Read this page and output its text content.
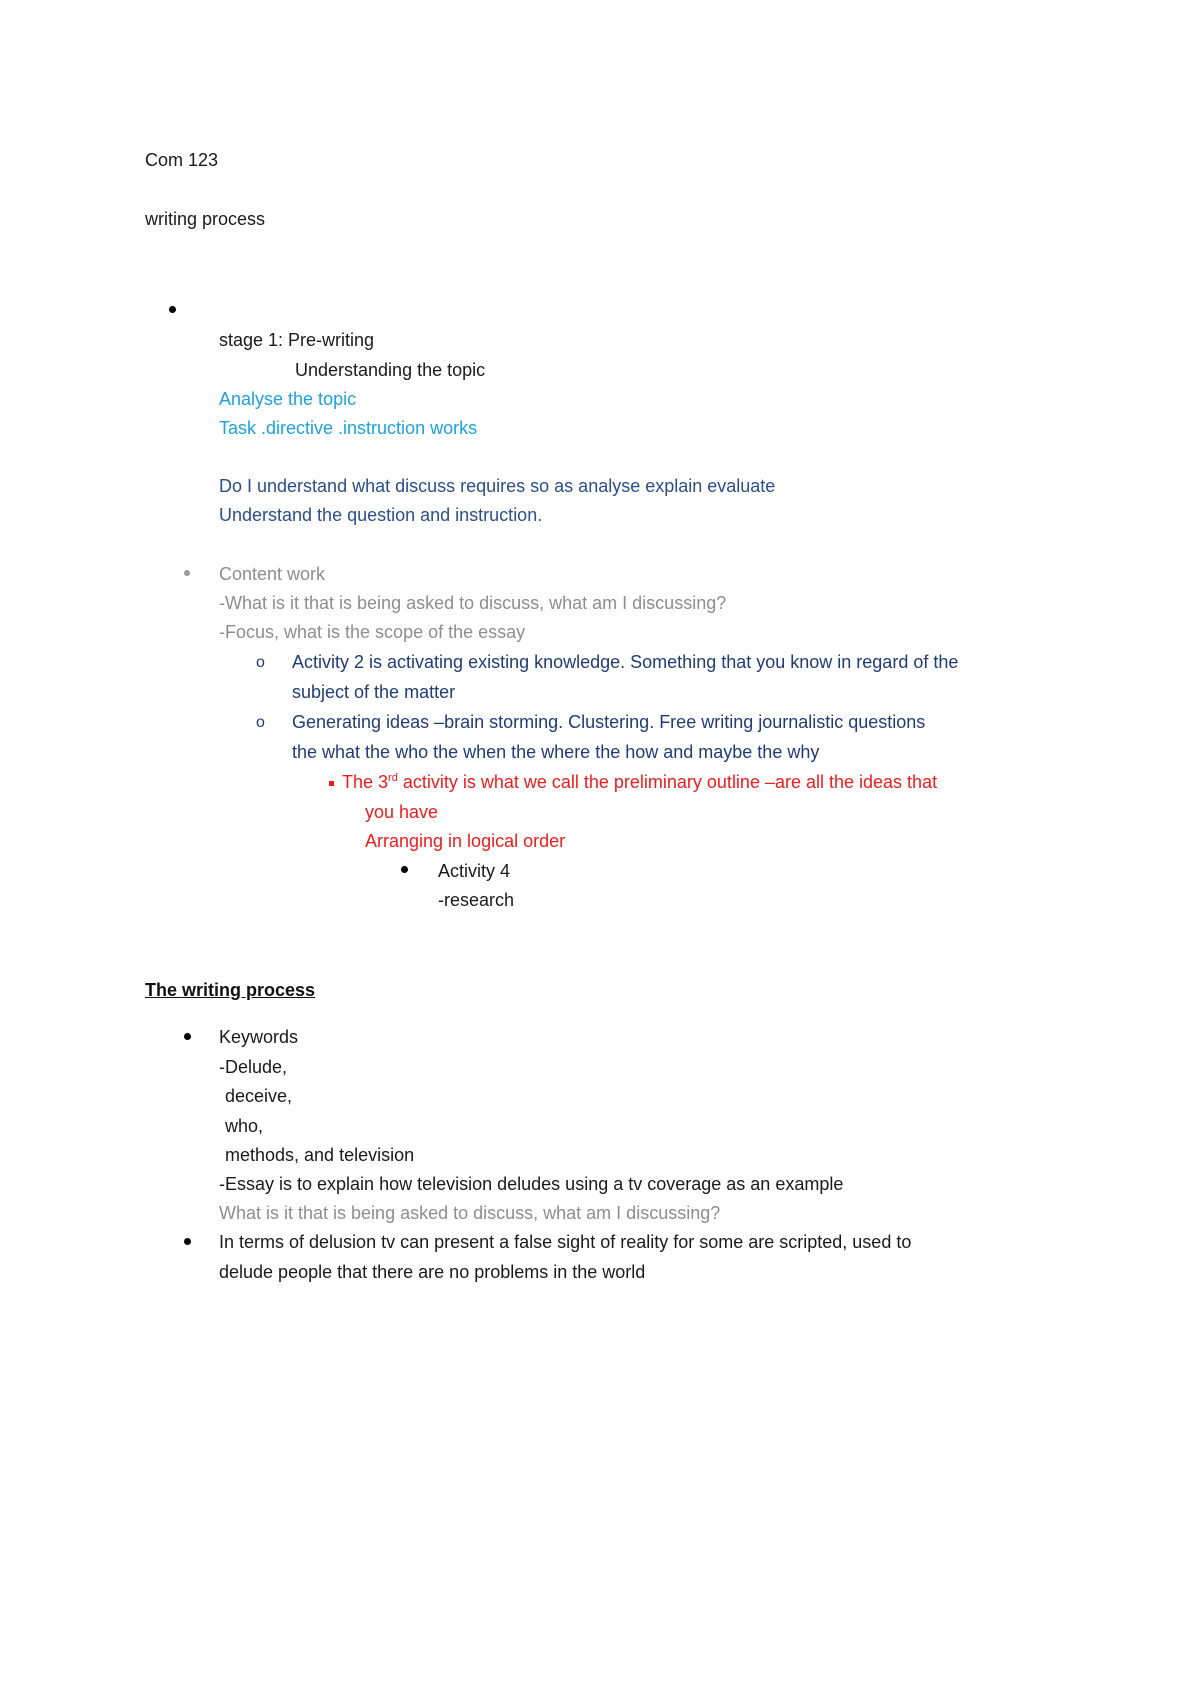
Com 123
writing process
stage 1: Pre-writing
Understanding the topic
Analyse the topic
Task .directive .instruction works
Do I understand what discuss requires so as analyse explain evaluate
Understand the question and instruction.
Content work
-What is it that is being asked to discuss, what am I discussing?
-Focus, what is the scope of the essay
o Activity 2 is activating existing knowledge. Something that you know in regard of the
subject of the matter
o Generating ideas –brain storming. Clustering. Free writing journalistic questions
the what the who the when the where the how and maybe the why
The 3rd activity is what we call the preliminary outline –are all the ideas that
you have
Arranging in logical order
Activity 4
-research
The writing process
Keywords
-Delude,
deceive,
who,
methods, and television
-Essay is to explain how television deludes using a tv coverage as an example
What is it that is being asked to discuss, what am I discussing?
In terms of delusion tv can present a false sight of reality for some are scripted, used to
delude people that there are no problems in the world
